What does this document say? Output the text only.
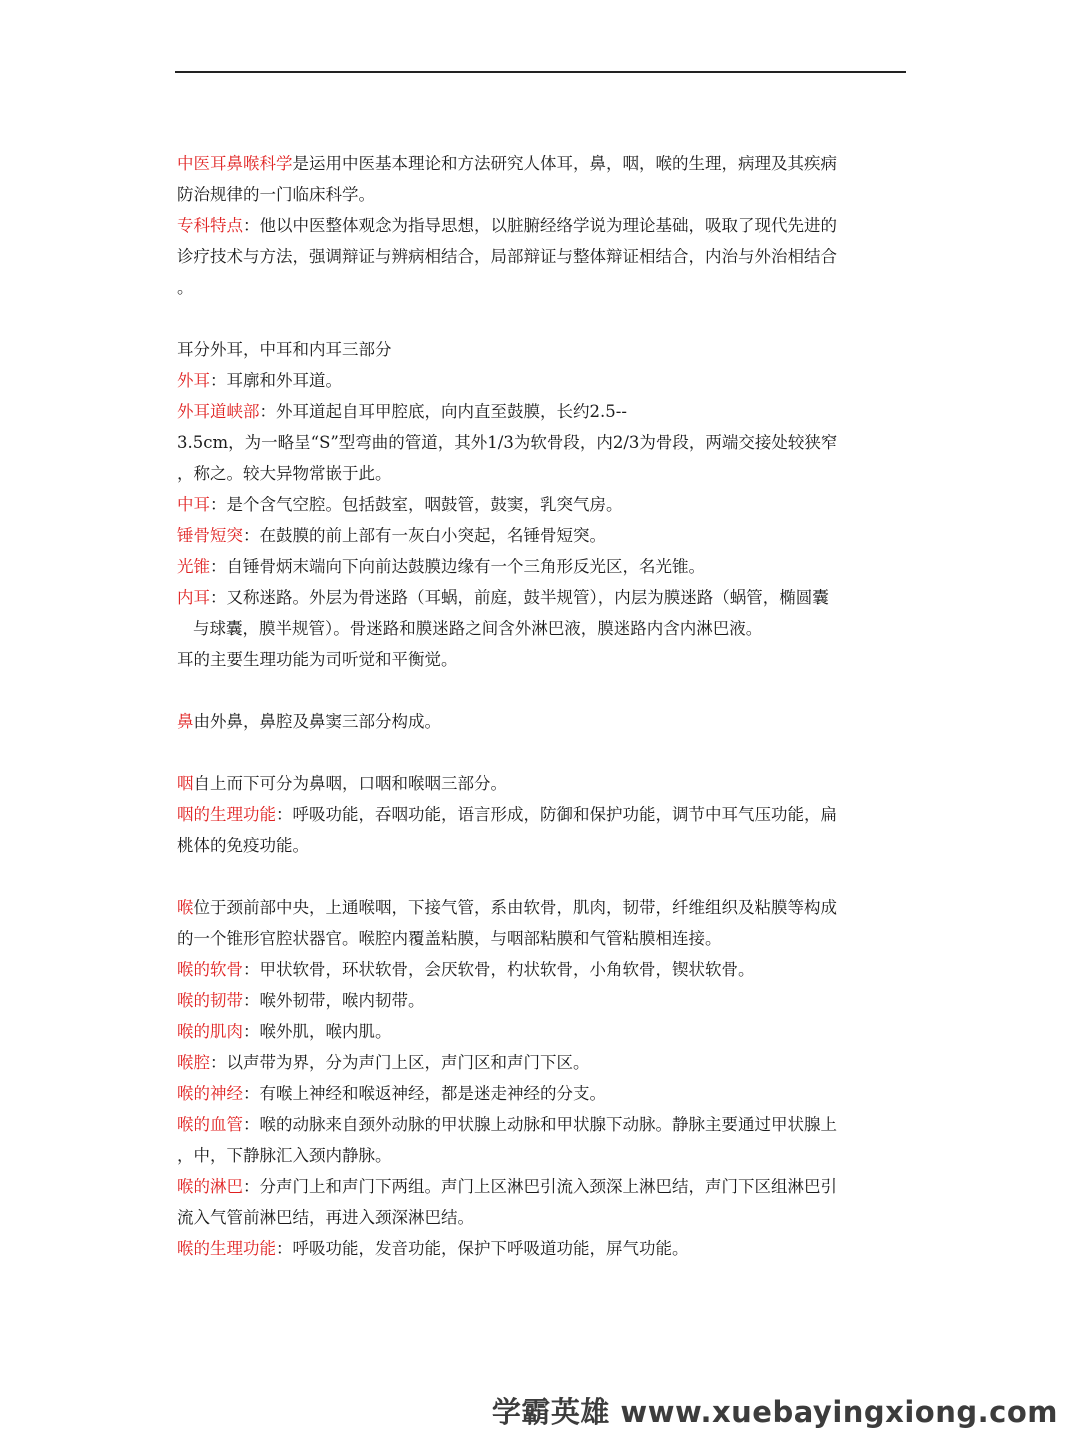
中医耳鼻喉科学是运用中医基本理论和方法研究人体耳，鼻，咽，喉的生理，病理及其疾病
防治规律的一门临床科学。

专科特点：他以中医整体观念为指导思想，以脏腑经络学说为理论基础，吸取了现代先进的
诊疗技术与方法，强调辩证与辨病相结合，局部辩证与整体辩证相结合，内治与外治相结合
。

耳分外耳，中耳和内耳三部分

外耳：耳廓和外耳道。

外耳道峡部：外耳道起自耳甲腔底，向内直至鼓膜，长约2.5--
3.5cm，为一略呈“S”型弯曲的管道，其外1/3为软骨段，内2/3为骨段，两端交接处较狭窄
，称之。较大异物常嵌于此。

中耳：是个含气空腔。包括鼓室，咽鼓管，鼓窦，乳突气房。

锤骨短突：在鼓膜的前上部有一灰白小突起，名锤骨短突。

光锥：自锤骨炳末端向下向前达鼓膜边缘有一个三角形反光区，名光锥。

内耳：又称迷路。外层为骨迷路（耳蜗，前庭，鼓半规管），内层为膜迷路（蜗管，椭圆囊
与球囊，膜半规管）。骨迷路和膜迷路之间含外淋巴液，膜迷路内含内淋巴液。

耳的主要生理功能为司听觉和平衡觉。

鼻由外鼻，鼻腔及鼻窦三部分构成。

咽自上而下可分为鼻咽，口咽和喉咽三部分。

咽的生理功能：呼吸功能，吞咽功能，语言形成，防御和保护功能，调节中耳气压功能，扁
桃体的免疫功能。

喉位于颈前部中央，上通喉咽，下接气管，系由软骨，肌肉，韧带，纤维组织及粘膜等构成
的一个锥形官腔状器官。喉腔内覆盖粘膜，与咽部粘膜和气管粘膜相连接。

喉的软骨：甲状软骨，环状软骨，会厌软骨，杓状软骨，小角软骨，锲状软骨。

喉的韧带：喉外韧带，喉内韧带。

喉的肌肉：喉外肌，喉内肌。

喉腔：以声带为界，分为声门上区，声门区和声门下区。

喉的神经：有喉上神经和喉返神经，都是迷走神经的分支。

喉的血管：喉的动脉来自颈外动脉的甲状腺上动脉和甲状腺下动脉。静脉主要通过甲状腺上
，中，下静脉汇入颈内静脉。

喉的淋巴：分声门上和声门下两组。声门上区淋巴引流入颈深上淋巴结，声门下区组淋巴引
流入气管前淋巴结，再进入颈深淋巴结。

喉的生理功能：呼吸功能，发音功能，保护下呼吸道功能，屏气功能。

学霸英雄 www.xuebayingxiong.com
